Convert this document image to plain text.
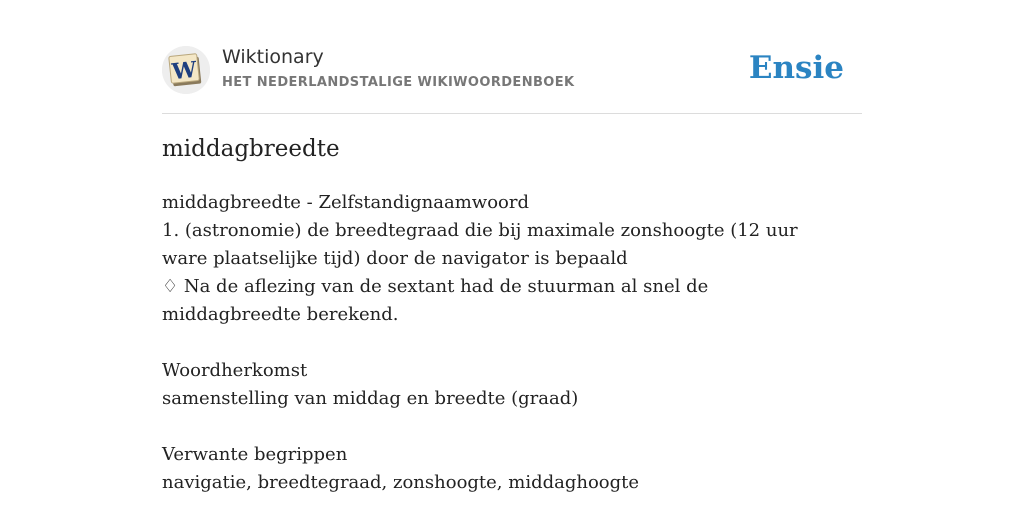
W Wiktionary
HET NEDERLANDSTALIGE WIKIWOORDENBOEK	Ensie
middagbreedte

middagbreedte - Zelfstandignaamwoord

1. (astronomie) de breedtegraad die bij maximale zonshoogte (12 uur ware plaatselijke tijd) door de navigator is bepaald

♢ Na de aflezing van de sextant had de stuurman al snel de middagbreedte berekend.

Woordherkomst

samenstelling van middag en breedte (graad)

Verwante begrippen

navigatie, breedtegraad, zonshoogte, middaghoogte
